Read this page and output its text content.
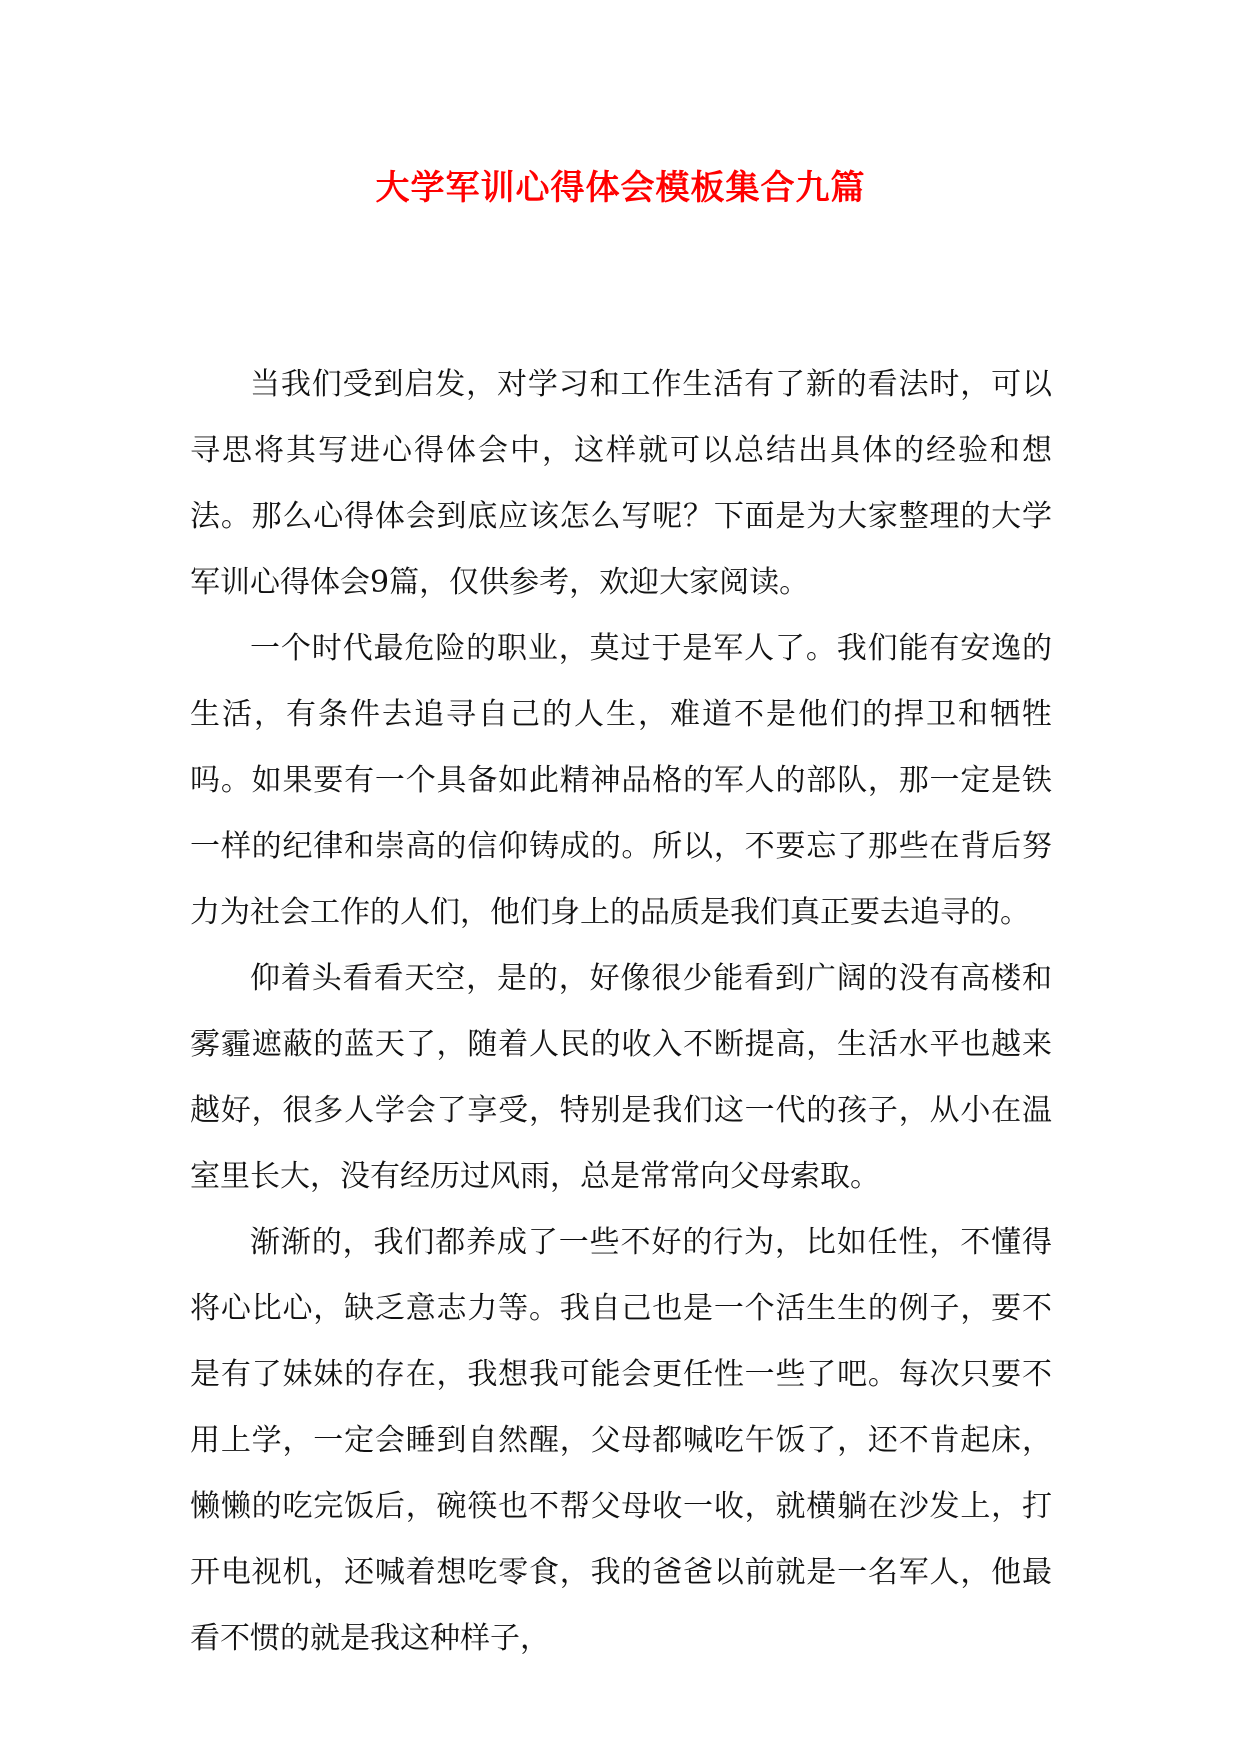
大学军训心得体会模板集合九篇

当我们受到启发，对学习和工作生活有了新的看法时，可以寻思将其写进心得体会中，这样就可以总结出具体的经验和想法。那么心得体会到底应该怎么写呢？下面是为大家整理的大学军训心得体会9篇，仅供参考，欢迎大家阅读。

一个时代最危险的职业，莫过于是军人了。我们能有安逸的生活，有条件去追寻自己的人生，难道不是他们的捍卫和牺牲吗。如果要有一个具备如此精神品格的军人的部队，那一定是铁一样的纪律和崇高的信仰铸成的。所以，不要忘了那些在背后努力为社会工作的人们，他们身上的品质是我们真正要去追寻的。

仰着头看看天空，是的，好像很少能看到广阔的没有高楼和雾霾遮蔽的蓝天了，随着人民的收入不断提高，生活水平也越来越好，很多人学会了享受，特别是我们这一代的孩子，从小在温室里长大，没有经历过风雨，总是常常向父母索取。

渐渐的，我们都养成了一些不好的行为，比如任性，不懂得将心比心，缺乏意志力等。我自己也是一个活生生的例子，要不是有了妹妹的存在，我想我可能会更任性一些了吧。每次只要不用上学，一定会睡到自然醒，父母都喊吃午饭了，还不肯起床，懒懒的吃完饭后，碗筷也不帮父母收一收，就横躺在沙发上，打开电视机，还喊着想吃零食，我的爸爸以前就是一名军人，他最看不惯的就是我这种样子，
